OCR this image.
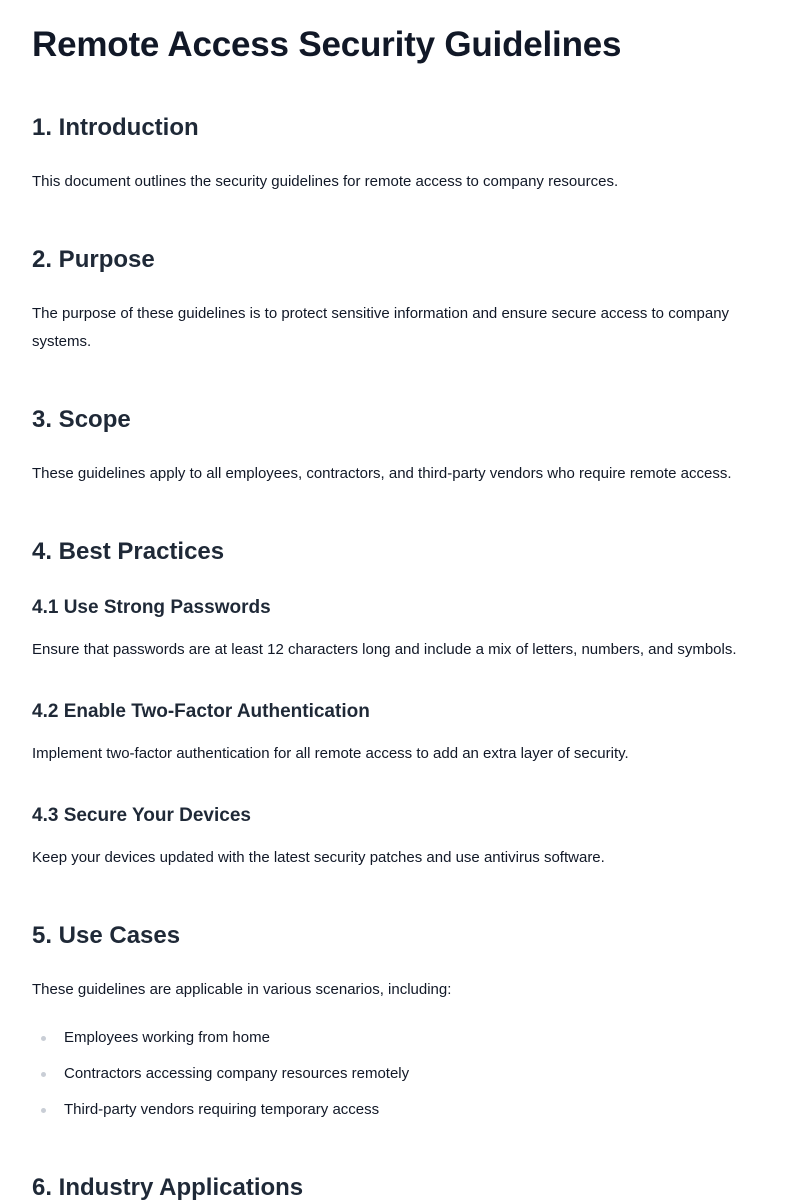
Remote Access Security Guidelines
1. Introduction

This document outlines the security guidelines for remote access to company resources.

2. Purpose

The purpose of these guidelines is to protect sensitive information and ensure secure access to company systems.

3. Scope

These guidelines apply to all employees, contractors, and third-party vendors who require remote access.

4. Best Practices
4.1 Use Strong Passwords

Ensure that passwords are at least 12 characters long and include a mix of letters, numbers, and symbols.

4.2 Enable Two-Factor Authentication

Implement two-factor authentication for all remote access to add an extra layer of security.

4.3 Secure Your Devices

Keep your devices updated with the latest security patches and use antivirus software.

5. Use Cases

These guidelines are applicable in various scenarios, including:

Employees working from home
Contractors accessing company resources remotely
Third-party vendors requiring temporary access
6. Industry Applications
